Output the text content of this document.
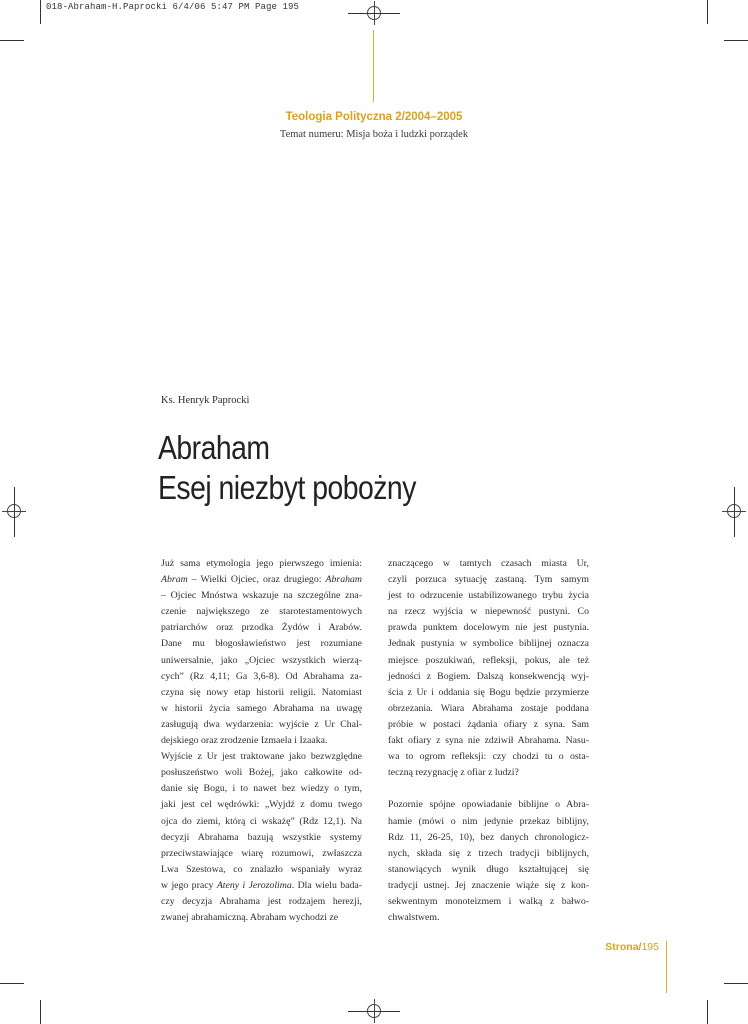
018-Abraham-H.Paprocki 6/4/06 5:47 PM Page 195
Teologia Polityczna 2/2004–2005
Temat numeru: Misja boża i ludzki porządek
Ks. Henryk Paprocki
Abraham
Esej niezbyt pobożny
Już sama etymologia jego pierwszego imienia:
Abram – Wielki Ojciec, oraz drugiego: Abraham
– Ojciec Mnóstwa wskazuje na szczególne zna-
czenie największego ze starotestamentowych
patriarchów oraz przodka Żydów i Arabów.
Dane mu błogosławieństwo jest rozumiane
uniwersalnie, jako „Ojciec wszystkich wierzą-
cych” (Rz 4,11; Ga 3,6-8). Od Abrahama za-
czyna się nowy etap historii religii. Natomiast
w historii życia samego Abrahama na uwagę
zasługują dwa wydarzenia: wyjście z Ur Chal-
dejskiego oraz zrodzenie Izmaela i Izaaka.
Wyjście z Ur jest traktowane jako bezwzględne
posłuszeństwo woli Bożej, jako całkowite od-
danie się Bogu, i to nawet bez wiedzy o tym,
jaki jest cel wędrówki: „Wyjdź z domu twego
ojca do ziemi, którą ci wskażę” (Rdz 12,1). Na
decyzji Abrahama bazują wszystkie systemy
przeciwstawiające wiarę rozumowi, zwłaszcza
Lwa Szestowa, co znalazło wspaniały wyraz
w jego pracy Ateny i Jerozolima. Dla wielu bada-
czy decyzja Abrahama jest rodzajem herezji,
zwanej abrahamiczną. Abraham wychodzi ze
znaczącego w tamtych czasach miasta Ur,
czyli porzuca sytuację zastaną. Tym samym
jest to odrzucenie ustabilizowanego trybu życia
na rzecz wyjścia w niepewność pustyni. Co
prawda punktem docelowym nie jest pustynia.
Jednak pustynia w symbolice biblijnej oznacza
miejsce poszukiwań, refleksji, pokus, ale też
jedności z Bogiem. Dalszą konsekwencją wyj-
ścia z Ur i oddania się Bogu będzie przymierze
obrzezania. Wiara Abrahama zostaje poddana
próbie w postaci żądania ofiary z syna. Sam
fakt ofiary z syna nie zdziwił Abrahama. Nasu-
wa to ogrom refleksji: czy chodzi tu o osta-
teczną rezygnację z ofiar z ludzi?
Pozornie spójne opowiadanie biblijne o Abra-
hamie (mówi o nim jedynie przekaz biblijny,
Rdz 11, 26-25, 10), bez danych chronologicz-
nych, składa się z trzech tradycji biblijnych,
stanowiących wynik długo kształtującej się
tradycji ustnej. Jej znaczenie wiąże się z kon-
sekwentnym monoteizmem i walką z bałwo-
chwalstwem.
Strona/195
